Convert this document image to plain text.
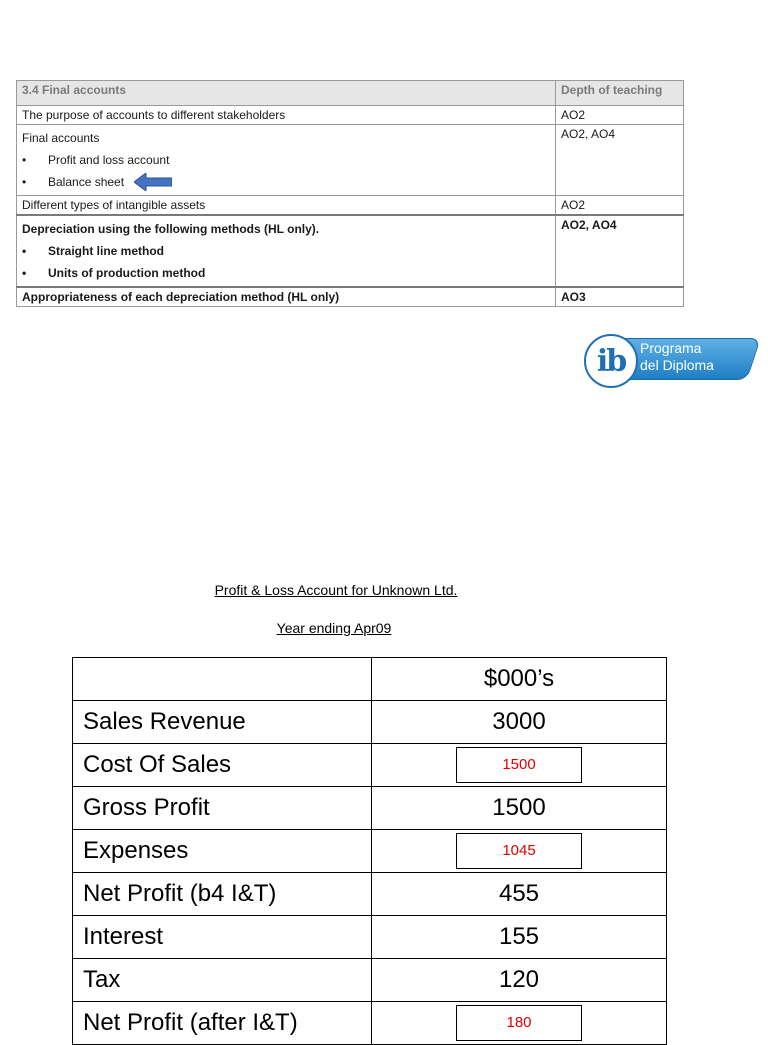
3.4 Final accounts	Depth of teaching
The purpose of accounts to different stakeholders	AO2

Final accounts
• Profit and loss account
• Balance sheet	AO2, AO4
Different types of intangible assets	AO2

Depreciation using the following methods (HL only).
• Straight line method
• Units of production method	AO2, AO4
Appropriateness of each depreciation method (HL only)	AO3
ib	Programa
del Diploma
Profit & Loss Account for Unknown Ltd.
Year ending Apr09
	$000’s
Sales Revenue	3000
Cost Of Sales	1500
Gross Profit	1500
Expenses	1045
Net Profit (b4 I&T)	455
Interest	155
Tax	120
Net Profit (after I&T)	180
